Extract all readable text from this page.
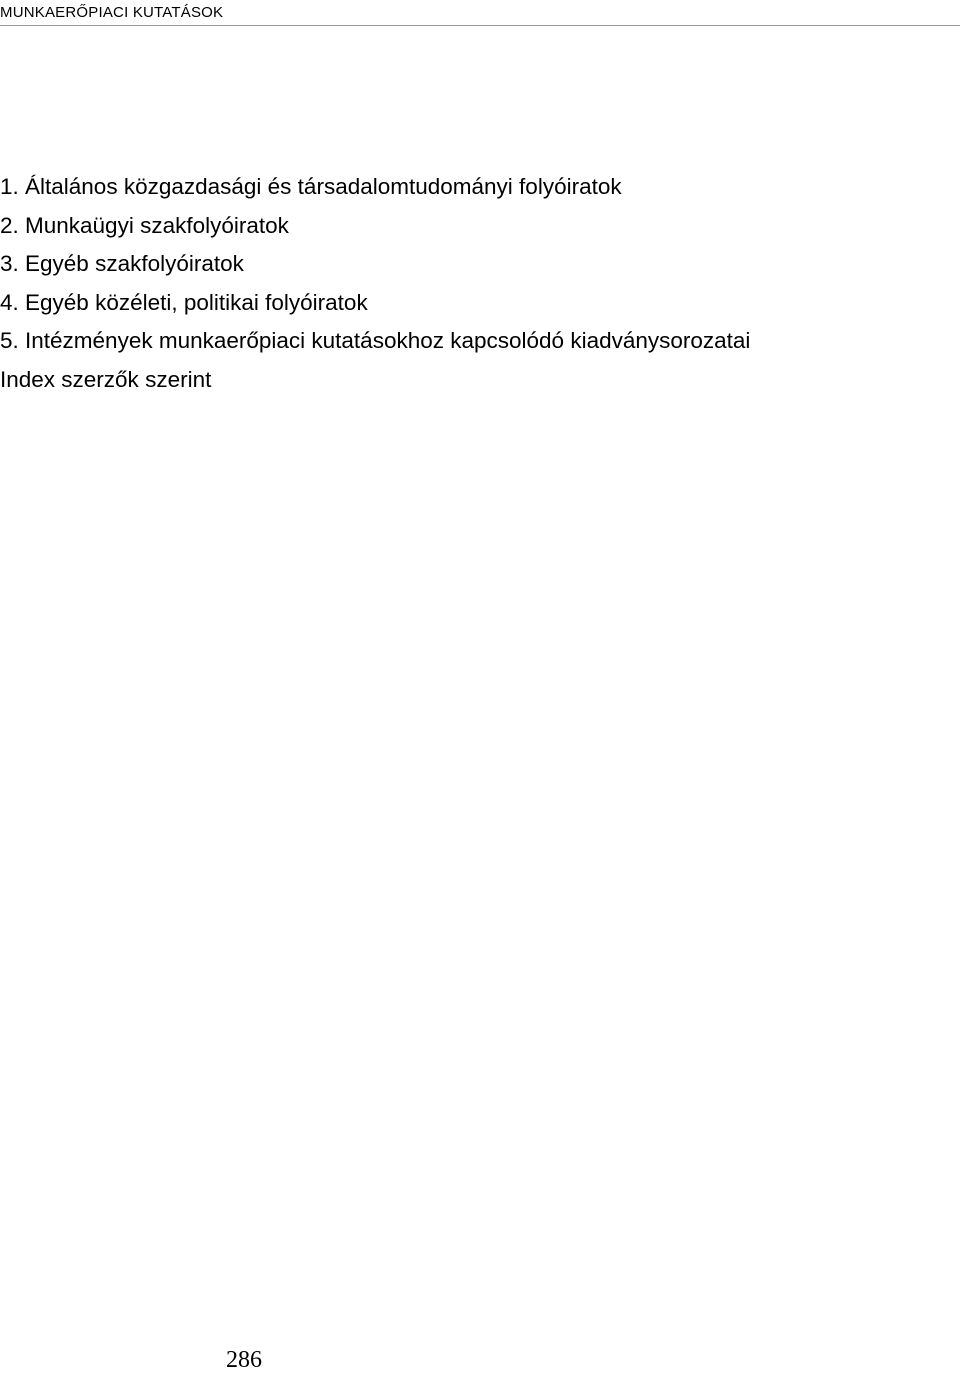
MUNKAERŐPIACI KUTATÁSOK
1. Általános közgazdasági és társadalomtudományi folyóiratok
2. Munkaügyi szakfolyóiratok
3. Egyéb szakfolyóiratok
4. Egyéb közéleti, politikai folyóiratok
5. Intézmények munkaerőpiaci kutatásokhoz kapcsolódó kiadványsorozatai
Index szerzők szerint
286
